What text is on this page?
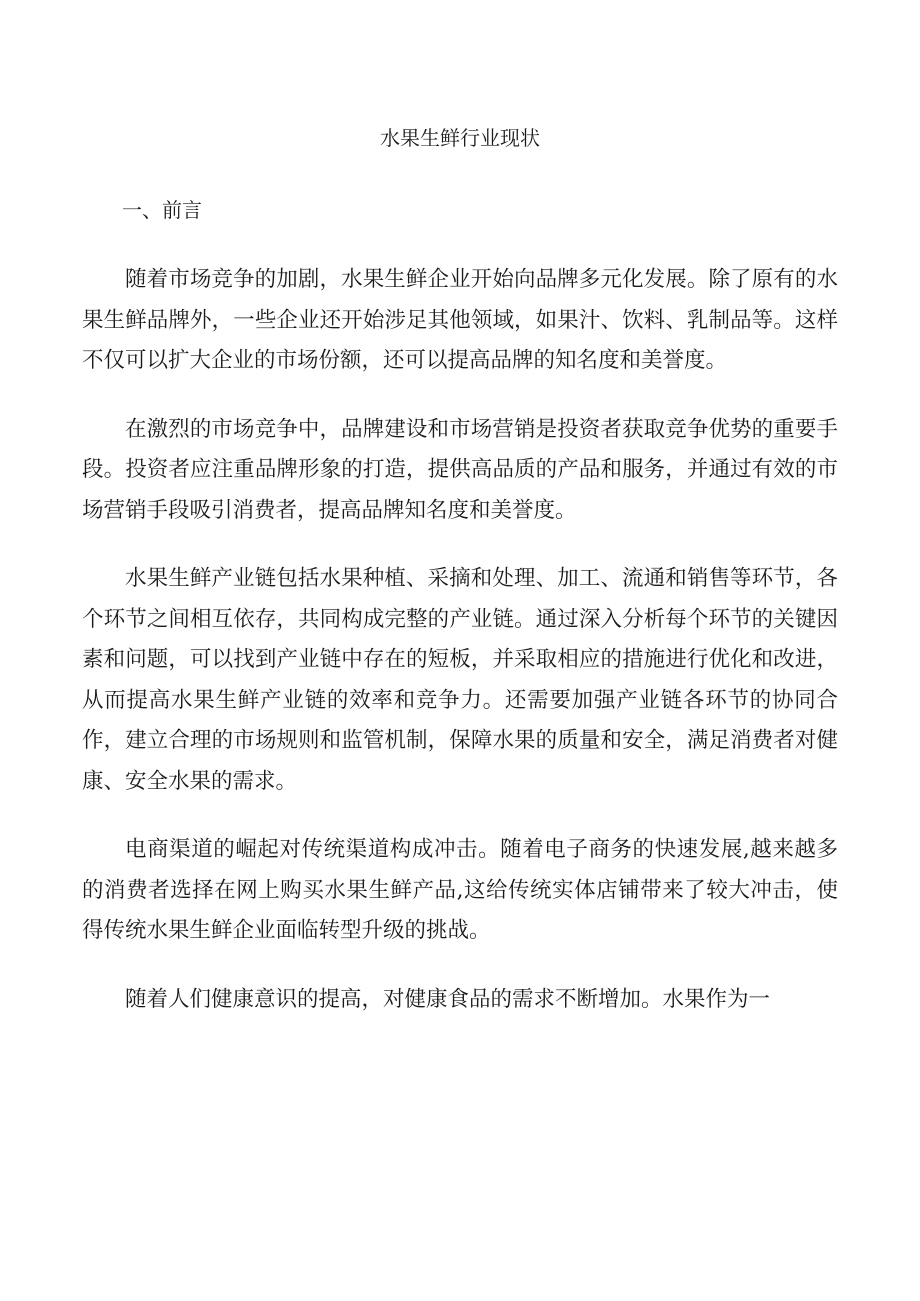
水果生鲜行业现状
一、前言

随着市场竞争的加剧，水果生鲜企业开始向品牌多元化发展。除了原有的水果生鲜品牌外，一些企业还开始涉足其他领域，如果汁、饮料、乳制品等。这样不仅可以扩大企业的市场份额，还可以提高品牌的知名度和美誉度。

在激烈的市场竞争中，品牌建设和市场营销是投资者获取竞争优势的重要手段。投资者应注重品牌形象的打造，提供高品质的产品和服务，并通过有效的市场营销手段吸引消费者，提高品牌知名度和美誉度。

水果生鲜产业链包括水果种植、采摘和处理、加工、流通和销售等环节，各个环节之间相互依存，共同构成完整的产业链。通过深入分析每个环节的关键因素和问题，可以找到产业链中存在的短板，并采取相应的措施进行优化和改进，从而提高水果生鲜产业链的效率和竞争力。还需要加强产业链各环节的协同合作，建立合理的市场规则和监管机制，保障水果的质量和安全，满足消费者对健康、安全水果的需求。

电商渠道的崛起对传统渠道构成冲击。随着电子商务的快速发展,越来越多的消费者选择在网上购买水果生鲜产品,这给传统实体店铺带来了较大冲击，使得传统水果生鲜企业面临转型升级的挑战。

随着人们健康意识的提高，对健康食品的需求不断增加。水果作为一
